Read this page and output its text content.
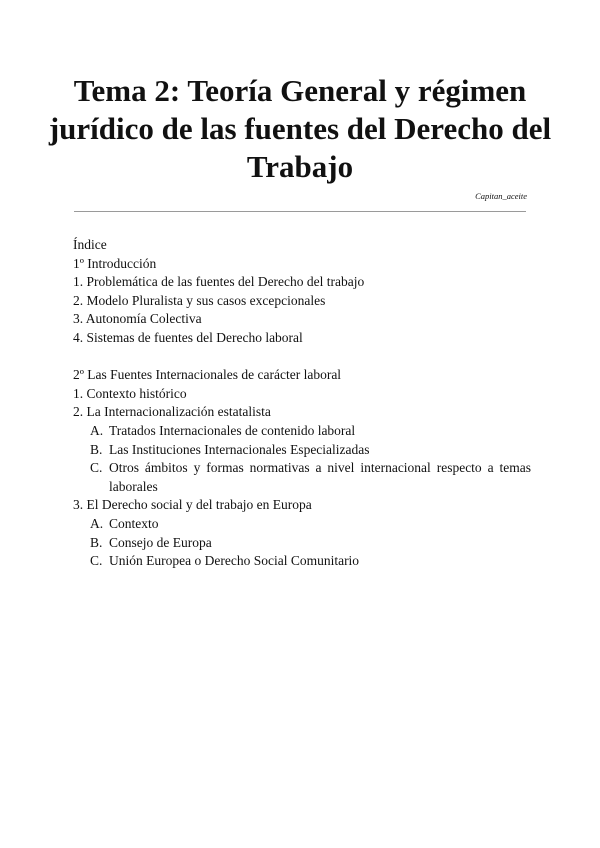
Tema 2: Teoría General y régimen jurídico de las fuentes del Derecho del Trabajo
Capitan_aceite
Índice
1º Introducción
1. Problemática de las fuentes del Derecho del trabajo
2. Modelo Pluralista y sus casos excepcionales
3. Autonomía Colectiva
4. Sistemas de fuentes del Derecho laboral
2º Las Fuentes Internacionales de carácter laboral
1. Contexto histórico
2. La Internacionalización estatalista
A. Tratados Internacionales de contenido laboral
B. Las Instituciones Internacionales Especializadas
C. Otros ámbitos y formas normativas a nivel internacional respecto a temas laborales
3. El Derecho social y del trabajo en Europa
A. Contexto
B. Consejo de Europa
C. Unión Europea o Derecho Social Comunitario
